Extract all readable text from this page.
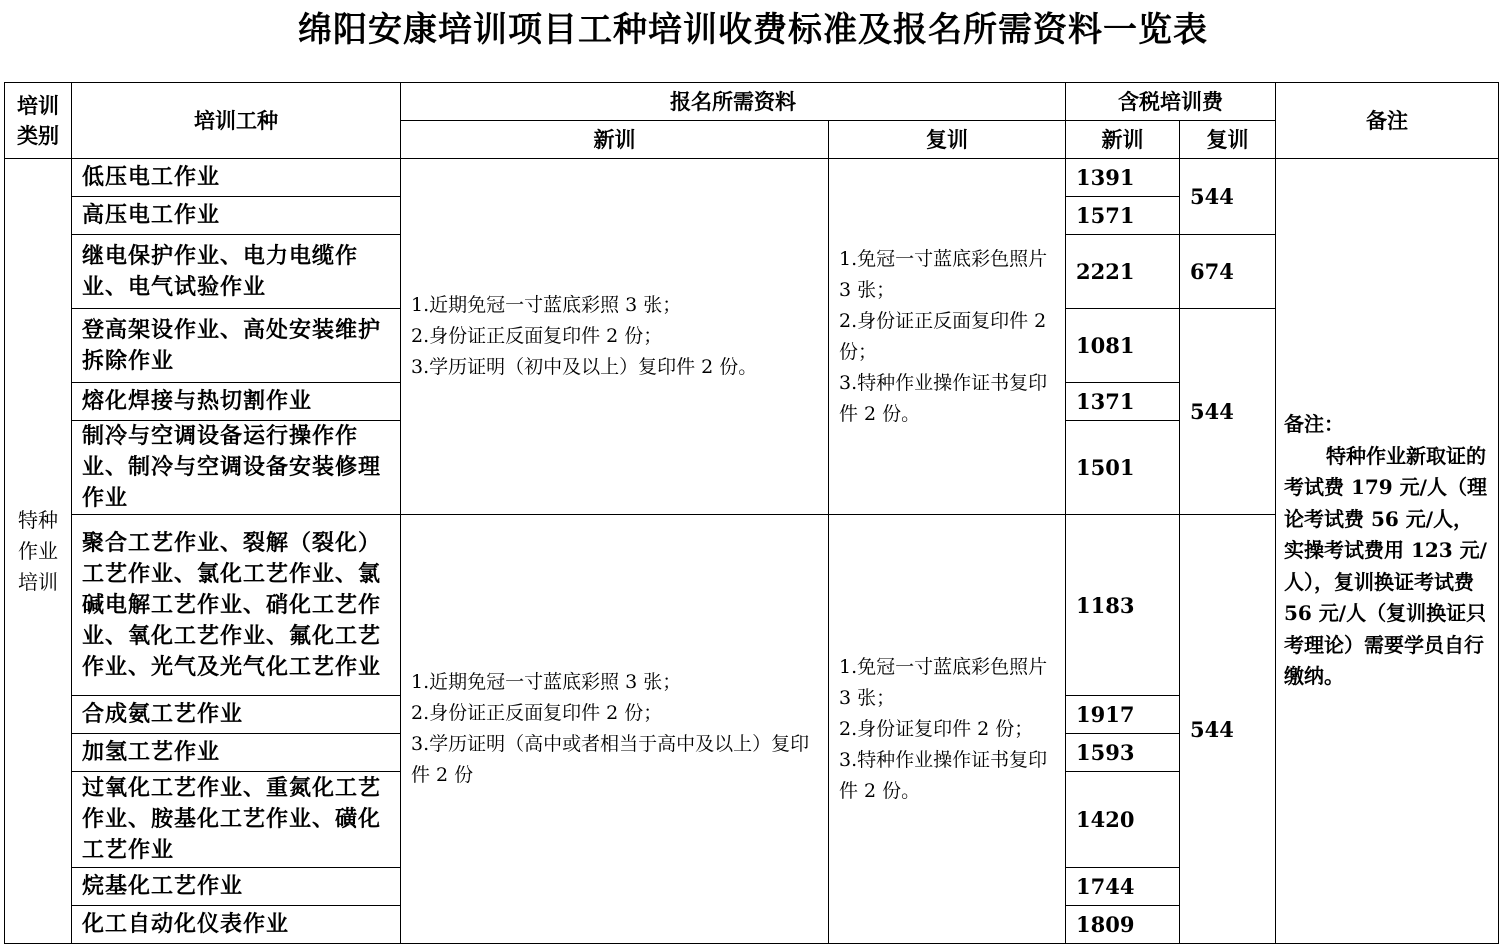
绵阳安康培训项目工种培训收费标准及报名所需资料一览表
培训类别	培训工种	报名所需资料		含税培训费		备注
		新训	复训	新训	复训	

特种作业培训	低压电工作业	1.近期免冠一寸蓝底彩照 3 张；
2.身份证正反面复印件 2 份；
3.学历证明（初中及以上）复印件 2 份。	1.免冠一寸蓝底彩色照片 3 张；
2.身份证正反面复印件 2 份；
3.特种作业操作证书复印件 2 份。	1391	544	备注：
特种作业新取证的考试费 179 元/人（理论考试费 56 元/人，实操考试费用 123 元/人），复训换证考试费 56 元/人（复训换证只考理论）需要学员自行缴纳。

	高压电工作业			1571		
	继电保护作业、电力电缆作业、电气试验作业			2221	674	
	登高架设作业、高处安装维护拆除作业			1081	544	
	熔化焊接与热切割作业			1371		
	制冷与空调设备运行操作作业、制冷与空调设备安装修理作业			1501		

	聚合工艺作业、裂解（裂化）工艺作业、氯化工艺作业、氯碱电解工艺作业、硝化工艺作业、氧化工艺作业、氟化工艺作业、光气及光气化工艺作业	1.近期免冠一寸蓝底彩照 3 张；
2.身份证正反面复印件 2 份；
3.学历证明（高中或者相当于高中及以上）复印件 2 份	1.免冠一寸蓝底彩色照片 3 张；
2.身份证复印件 2 份；
3.特种作业操作证书复印件 2 份。	1183	544	
	合成氨工艺作业			1917		
	加氢工艺作业			1593		
	过氧化工艺作业、重氮化工艺作业、胺基化工艺作业、磺化工艺作业			1420		
	烷基化工艺作业			1744		
	化工自动化仪表作业			1809		
